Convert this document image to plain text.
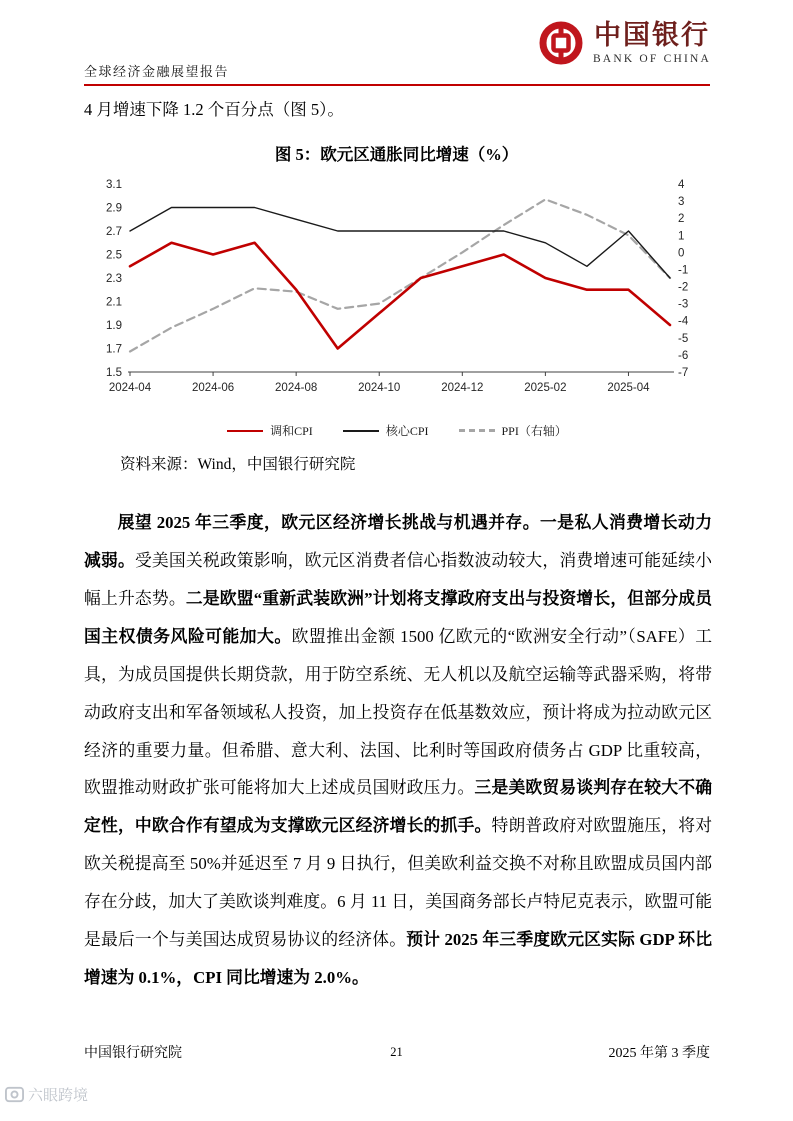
全球经济金融展望报告
中国银行
BANK OF CHINA
4 月增速下降 1.2 个百分点（图 5）。
图 5：欧元区通胀同比增速（%）
1.5
1.7
1.9
2.1
2.3
2.5
2.7
2.9
3.1
-7
-6
-5
-4
-3
-2
-1
0
1
2
3
4
2024-04	2024-06	2024-08	2024-10	2024-12	2025-02	2025-04
调和CPI	核心CPI	PPI（右轴）
资料来源：Wind，中国银行研究院

展望 2025 年三季度，欧元区经济增长挑战与机遇并存。一是私人消费增长动力减弱。受美国关税政策影响，欧元区消费者信心指数波动较大，消费增速可能延续小幅上升态势。二是欧盟“重新武装欧洲”计划将支撑政府支出与投资增长，但部分成员国主权债务风险可能加大。欧盟推出金额 1500 亿欧元的“欧洲安全行动”（SAFE）工具，为成员国提供长期贷款，用于防空系统、无人机以及航空运输等武器采购，将带动政府支出和军备领域私人投资，加上投资存在低基数效应，预计将成为拉动欧元区经济的重要力量。但希腊、意大利、法国、比利时等国政府债务占 GDP 比重较高，欧盟推动财政扩张可能将加大上述成员国财政压力。三是美欧贸易谈判存在较大不确定性，中欧合作有望成为支撑欧元区经济增长的抓手。特朗普政府对欧盟施压，将对欧关税提高至 50%并延迟至 7 月 9 日执行，但美欧利益交换不对称且欧盟成员国内部存在分歧，加大了美欧谈判难度。6 月 11 日，美国商务部长卢特尼克表示，欧盟可能是最后一个与美国达成贸易协议的经济体。预计 2025 年三季度欧元区实际 GDP 环比增速为 0.1%，CPI 同比增速为 2.0%。

中国银行研究院	21	2025 年第 3 季度
六眼跨境
